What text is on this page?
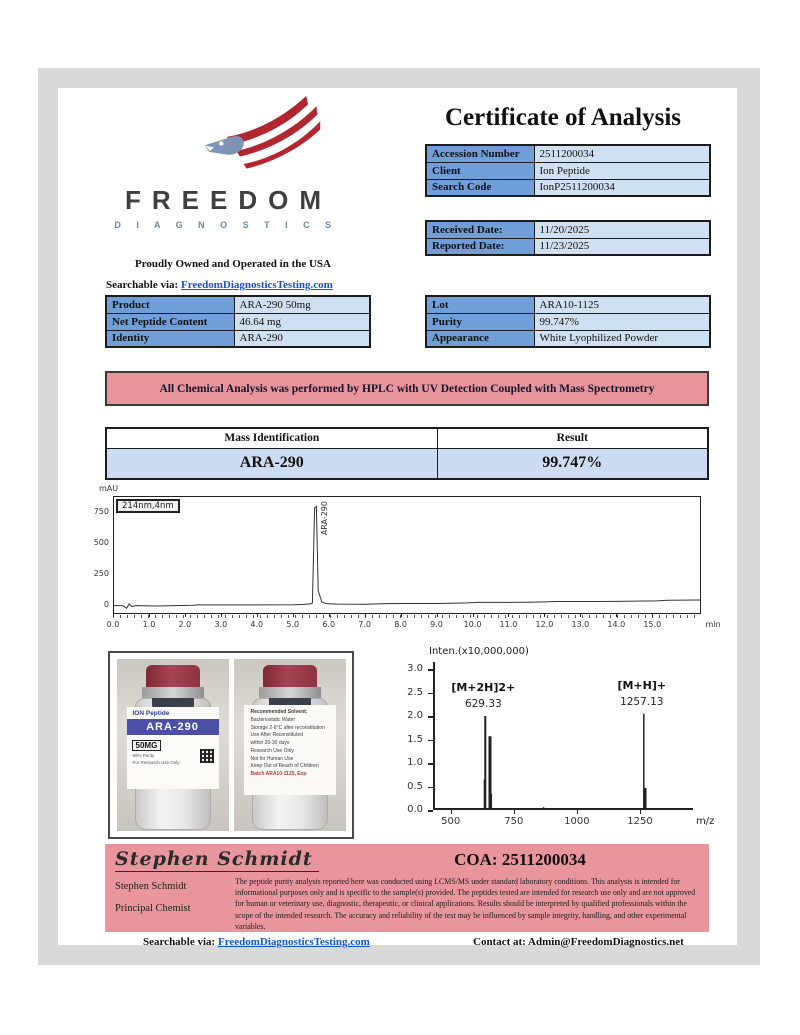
FREEDOM
D I A G N O S T I C S
Proudly Owned and Operated in the USA
Searchable via: FreedomDiagnosticsTesting.com
Certificate of Analysis
Accession Number	2511200034
Client	Ion Peptide
Search Code	IonP2511200034
Received Date:	11/20/2025
Reported Date:	11/23/2025
Product	ARA-290 50mg
Net Peptide Content	46.64 mg
Identity	ARA-290
Lot	ARA10-1125
Purity	99.747%
Appearance	White Lyophilized Powder
All Chemical Analysis was performed by HPLC with UV Detection Coupled with Mass Spectrometry
Mass Identification	Result
ARA-290	99.747%
mAU
214nm,4nm	ARA-290
0.0	1.0	2.0	3.0	4.0	5.0	6.0	7.0	8.0	9.0	10.0	11.0	12.0	13.0	14.0	15.0	min
750
500
250
0
ION Peptide
ARA-290
50MG
99% Purity
For Research Use Only
Recommended Solvent:
Bacteriostatic Water
Storage 2-8°C after reconstitution
Use After Reconstituted
within 20-30 days
Research Use Only
Not for Human Use
Keep Out of Reach of Children
Batch ARA10-1125, Exp
Inten.(x10,000,000)
m/z
500	750	1000	1250
3.0
2.5
2.0
1.5
1.0
0.5
0.0
[M+2H]2+
629.33
[M+H]+
1257.13
Stephen Schmidt
Stephen Schmidt
Principal Chemist
COA: 2511200034
The peptide purity analysis reported here was conducted using LCMS/MS under standard laboratory conditions. This analysis is intended for informational purposes only and is specific to the sample(s) provided. The peptides tested are intended for research use only and are not approved for human or veterinary use, diagnostic, therapeutic, or clinical applications. Results should be interpreted by qualified professionals within the scope of the intended research. The accuracy and reliability of the test may be influenced by sample integrity, handling, and other experimental variables.
Searchable via: FreedomDiagnosticsTesting.com	Contact at: Admin@FreedomDiagnostics.net
